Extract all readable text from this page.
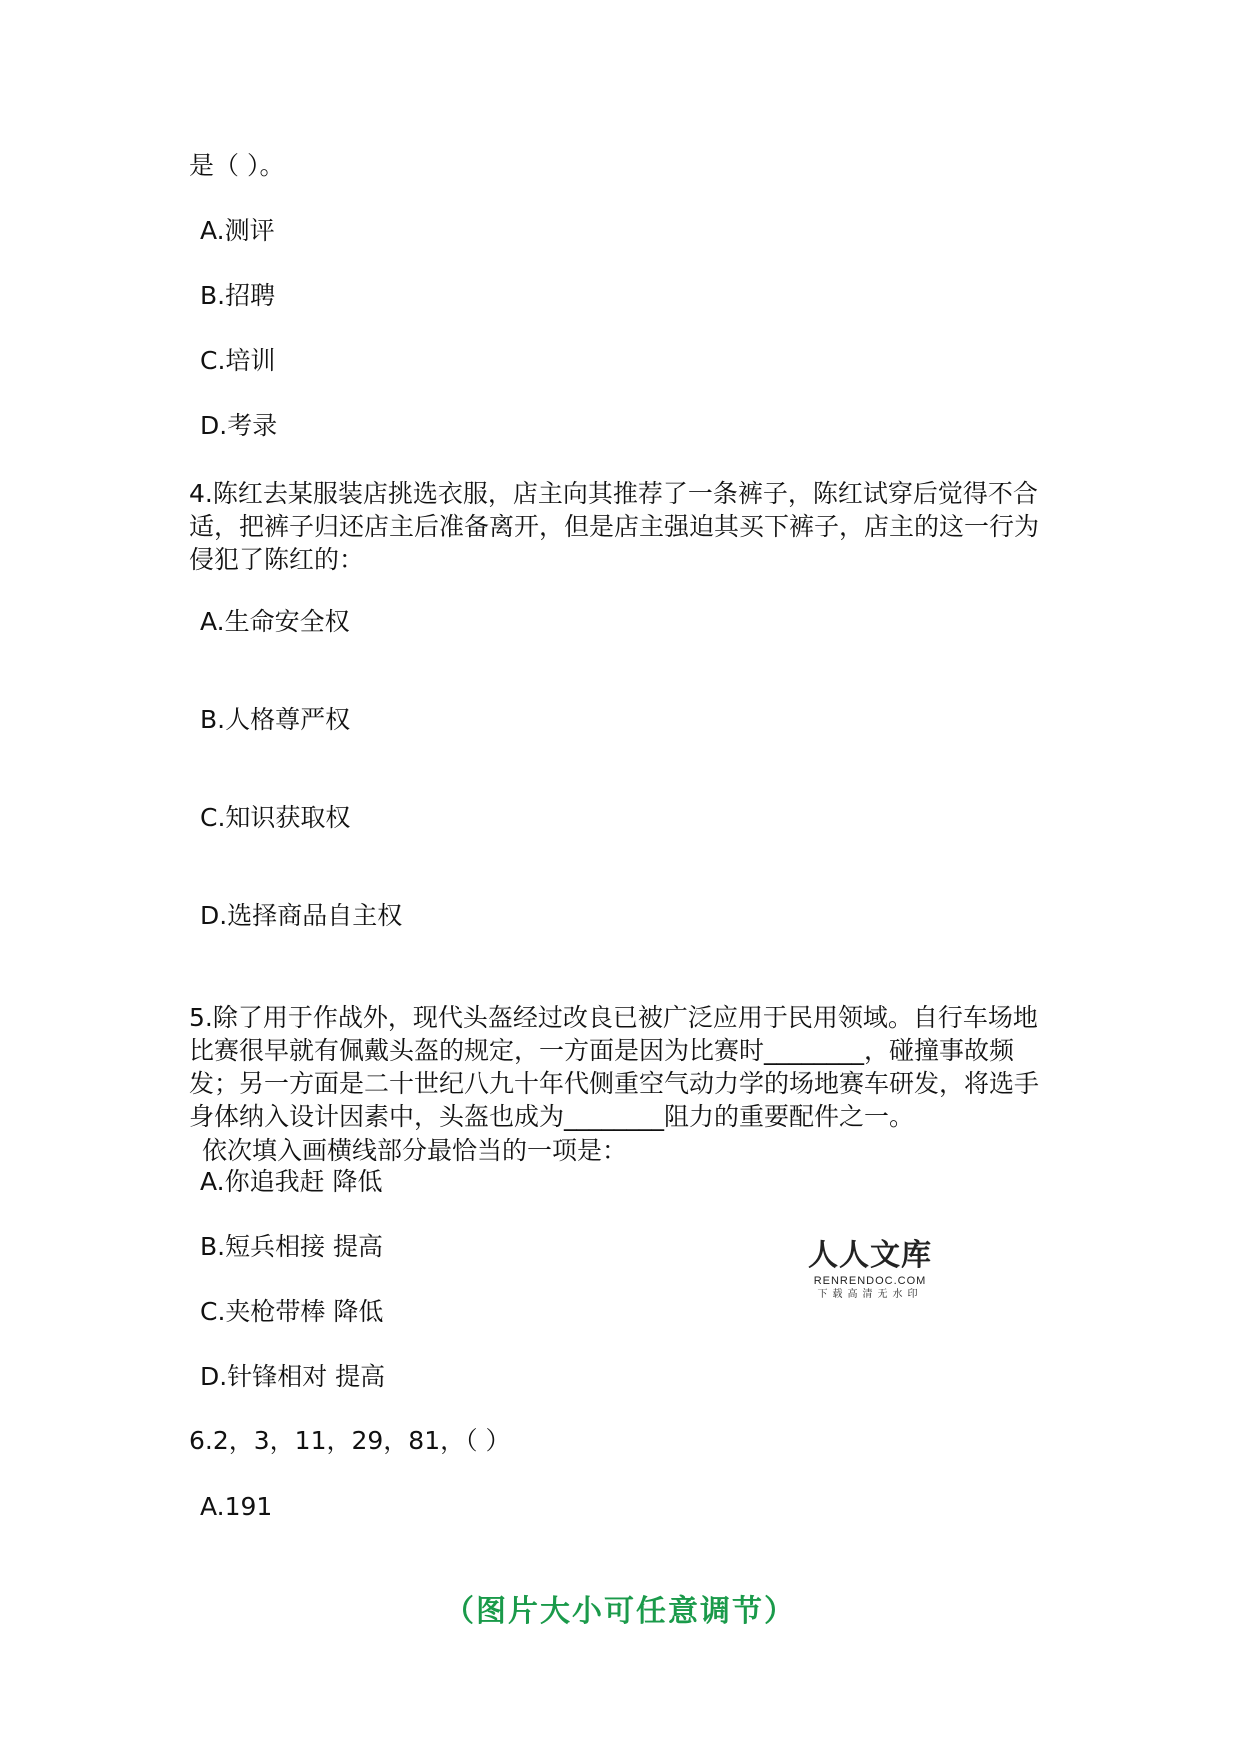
是（ ）。
A.测评
B.招聘
C.培训
D.考录
4.陈红去某服装店挑选衣服，店主向其推荐了一条裤子，陈红试穿后觉得不合
适，把裤子归还店主后准备离开，但是店主强迫其买下裤子，店主的这一行为
侵犯了陈红的：
A.生命安全权
B.人格尊严权
C.知识获取权
D.选择商品自主权
5.除了用于作战外，现代头盔经过改良已被广泛应用于民用领域。自行车场地
比赛很早就有佩戴头盔的规定，一方面是因为比赛时________，碰撞事故频
发；另一方面是二十世纪八九十年代侧重空气动力学的场地赛车研发，将选手
身体纳入设计因素中，头盔也成为________阻力的重要配件之一。
依次填入画横线部分最恰当的一项是：
A.你追我赶 降低
B.短兵相接 提高
C.夹枪带棒 降低
D.针锋相对 提高
6.2，3，11，29，81，（ ）
A.191
人人文库
RENRENDOC.COM
下载高清无水印
（图片大小可任意调节）
